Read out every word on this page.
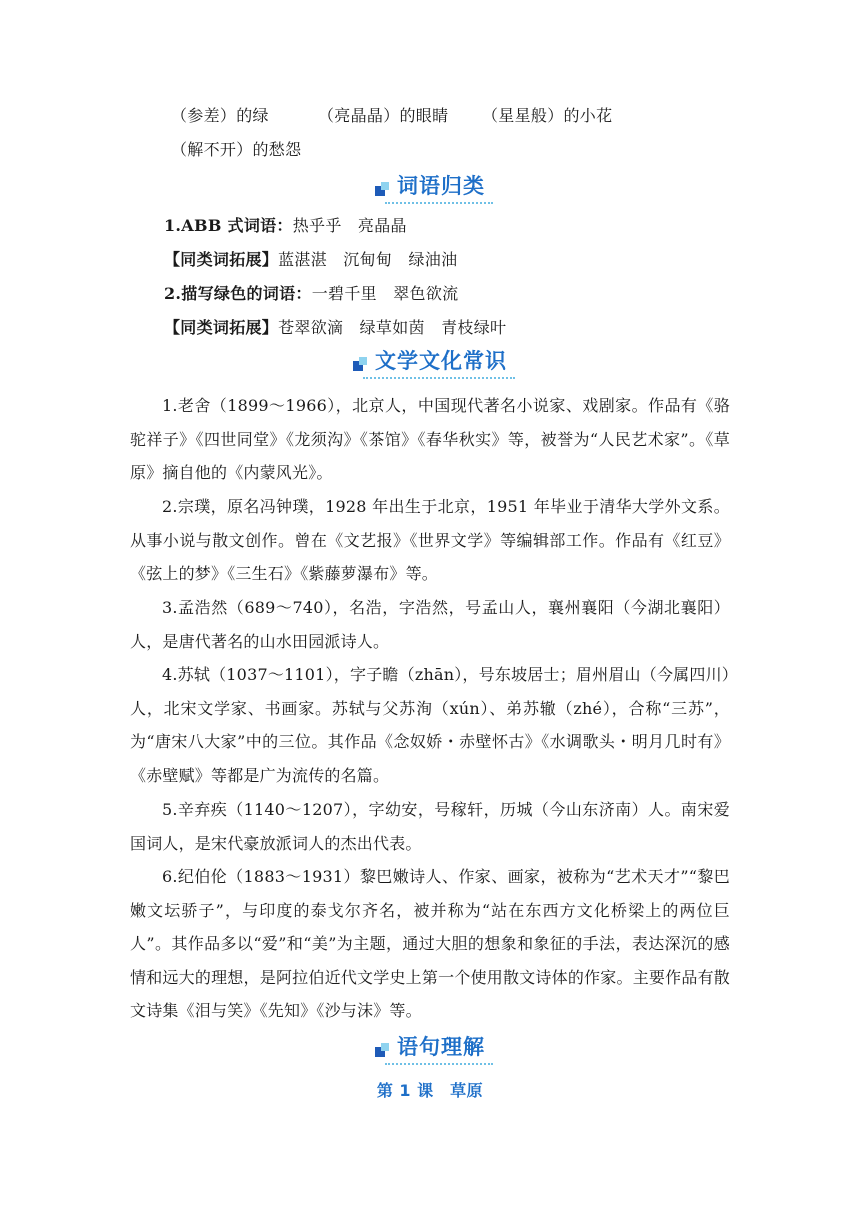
（参差）的绿	（亮晶晶）的眼睛 （星星般）的小花
（解不开）的愁怨
词语归类
1.ABB 式词语：热乎乎　亮晶晶
【同类词拓展】蓝湛湛　沉甸甸　绿油油
2.描写绿色的词语：一碧千里　翠色欲流
【同类词拓展】苍翠欲滴　绿草如茵　青枝绿叶
文学文化常识
1.老舍（1899～1966），北京人，中国现代著名小说家、戏剧家。作品有《骆驼祥子》《四世同堂》《龙须沟》《茶馆》《春华秋实》等，被誉为“人民艺术家”。《草原》摘自他的《内蒙风光》。
2.宗璞，原名冯钟璞，1928 年出生于北京，1951 年毕业于清华大学外文系。从事小说与散文创作。曾在《文艺报》《世界文学》等编辑部工作。作品有《红豆》《弦上的梦》《三生石》《紫藤萝瀑布》等。
3.孟浩然（689～740），名浩，字浩然，号孟山人，襄州襄阳（今湖北襄阳）人，是唐代著名的山水田园派诗人。
4.苏轼（1037～1101），字子瞻（zhān），号东坡居士；眉州眉山（今属四川）人，北宋文学家、书画家。苏轼与父苏洵（xún）、弟苏辙（zhé），合称“三苏”，为“唐宋八大家”中的三位。其作品《念奴娇・赤壁怀古》《水调歌头・明月几时有》《赤壁赋》等都是广为流传的名篇。
5.辛弃疾（1140～1207），字幼安，号稼轩，历城（今山东济南）人。南宋爱国词人，是宋代豪放派词人的杰出代表。
6.纪伯伦（1883～1931）黎巴嫩诗人、作家、画家，被称为“艺术天才”“黎巴嫩文坛骄子”，与印度的泰戈尔齐名，被并称为“站在东西方文化桥梁上的两位巨人”。其作品多以“爱”和“美”为主题，通过大胆的想象和象征的手法，表达深沉的感情和远大的理想，是阿拉伯近代文学史上第一个使用散文诗体的作家。主要作品有散文诗集《泪与笑》《先知》《沙与沫》等。
语句理解
第 1 课　草原
